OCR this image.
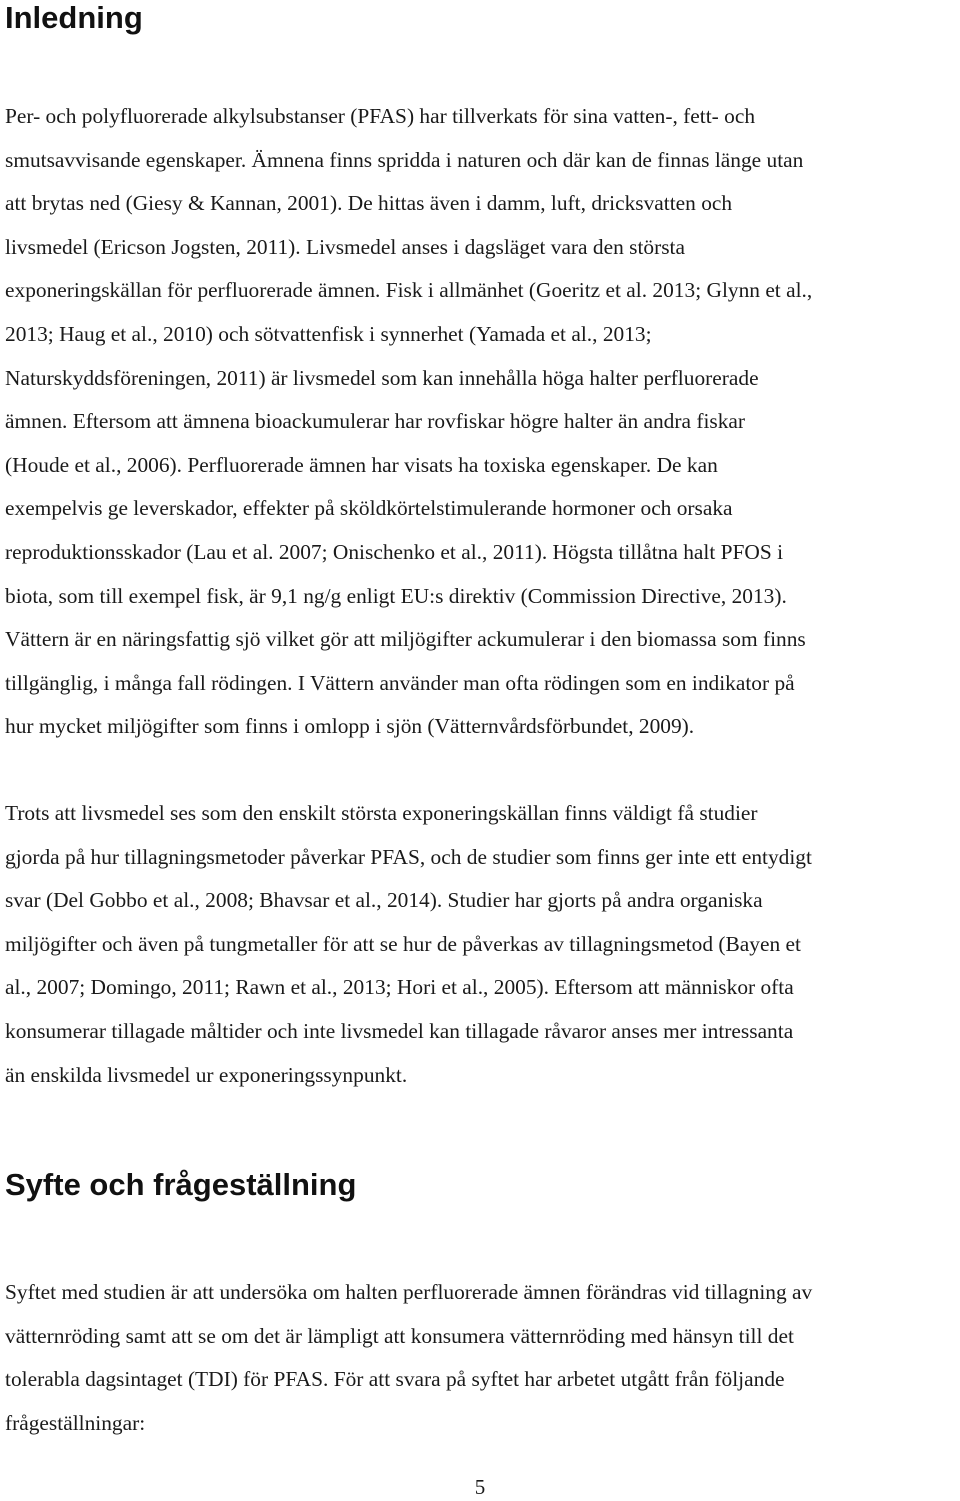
Inledning
Per- och polyfluorerade alkylsubstanser (PFAS) har tillverkats för sina vatten-, fett- och
smutsavvisande egenskaper. Ämnena finns spridda i naturen och där kan de finnas länge utan
att brytas ned (Giesy & Kannan, 2001). De hittas även i damm, luft, dricksvatten och
livsmedel (Ericson Jogsten, 2011). Livsmedel anses i dagsläget vara den största
exponeringskällan för perfluorerade ämnen. Fisk i allmänhet (Goeritz et al. 2013; Glynn et al.,
2013; Haug et al., 2010) och sötvattenfisk i synnerhet (Yamada et al., 2013;
Naturskyddsföreningen, 2011) är livsmedel som kan innehålla höga halter perfluorerade
ämnen. Eftersom att ämnena bioackumulerar har rovfiskar högre halter än andra fiskar
(Houde et al., 2006). Perfluorerade ämnen har visats ha toxiska egenskaper. De kan
exempelvis ge leverskador, effekter på sköldkörtelstimulerande hormoner och orsaka
reproduktionsskador (Lau et al. 2007; Onischenko et al., 2011). Högsta tillåtna halt PFOS i
biota, som till exempel fisk, är 9,1 ng/g enligt EU:s direktiv (Commission Directive, 2013).
Vättern är en näringsfattig sjö vilket gör att miljögifter ackumulerar i den biomassa som finns
tillgänglig, i många fall rödingen. I Vättern använder man ofta rödingen som en indikator på
hur mycket miljögifter som finns i omlopp i sjön (Vätternvårdsförbundet, 2009).
Trots att livsmedel ses som den enskilt största exponeringskällan finns väldigt få studier
gjorda på hur tillagningsmetoder påverkar PFAS, och de studier som finns ger inte ett entydigt
svar (Del Gobbo et al., 2008; Bhavsar et al., 2014). Studier har gjorts på andra organiska
miljögifter och även på tungmetaller för att se hur de påverkas av tillagningsmetod (Bayen et
al., 2007; Domingo, 2011; Rawn et al., 2013; Hori et al., 2005). Eftersom att människor ofta
konsumerar tillagade måltider och inte livsmedel kan tillagade råvaror anses mer intressanta
än enskilda livsmedel ur exponeringssynpunkt.
Syfte och frågeställning
Syftet med studien är att undersöka om halten perfluorerade ämnen förändras vid tillagning av
vätternröding samt att se om det är lämpligt att konsumera vätternröding med hänsyn till det
tolerabla dagsintaget (TDI) för PFAS. För att svara på syftet har arbetet utgått från följande
frågeställningar:
5
